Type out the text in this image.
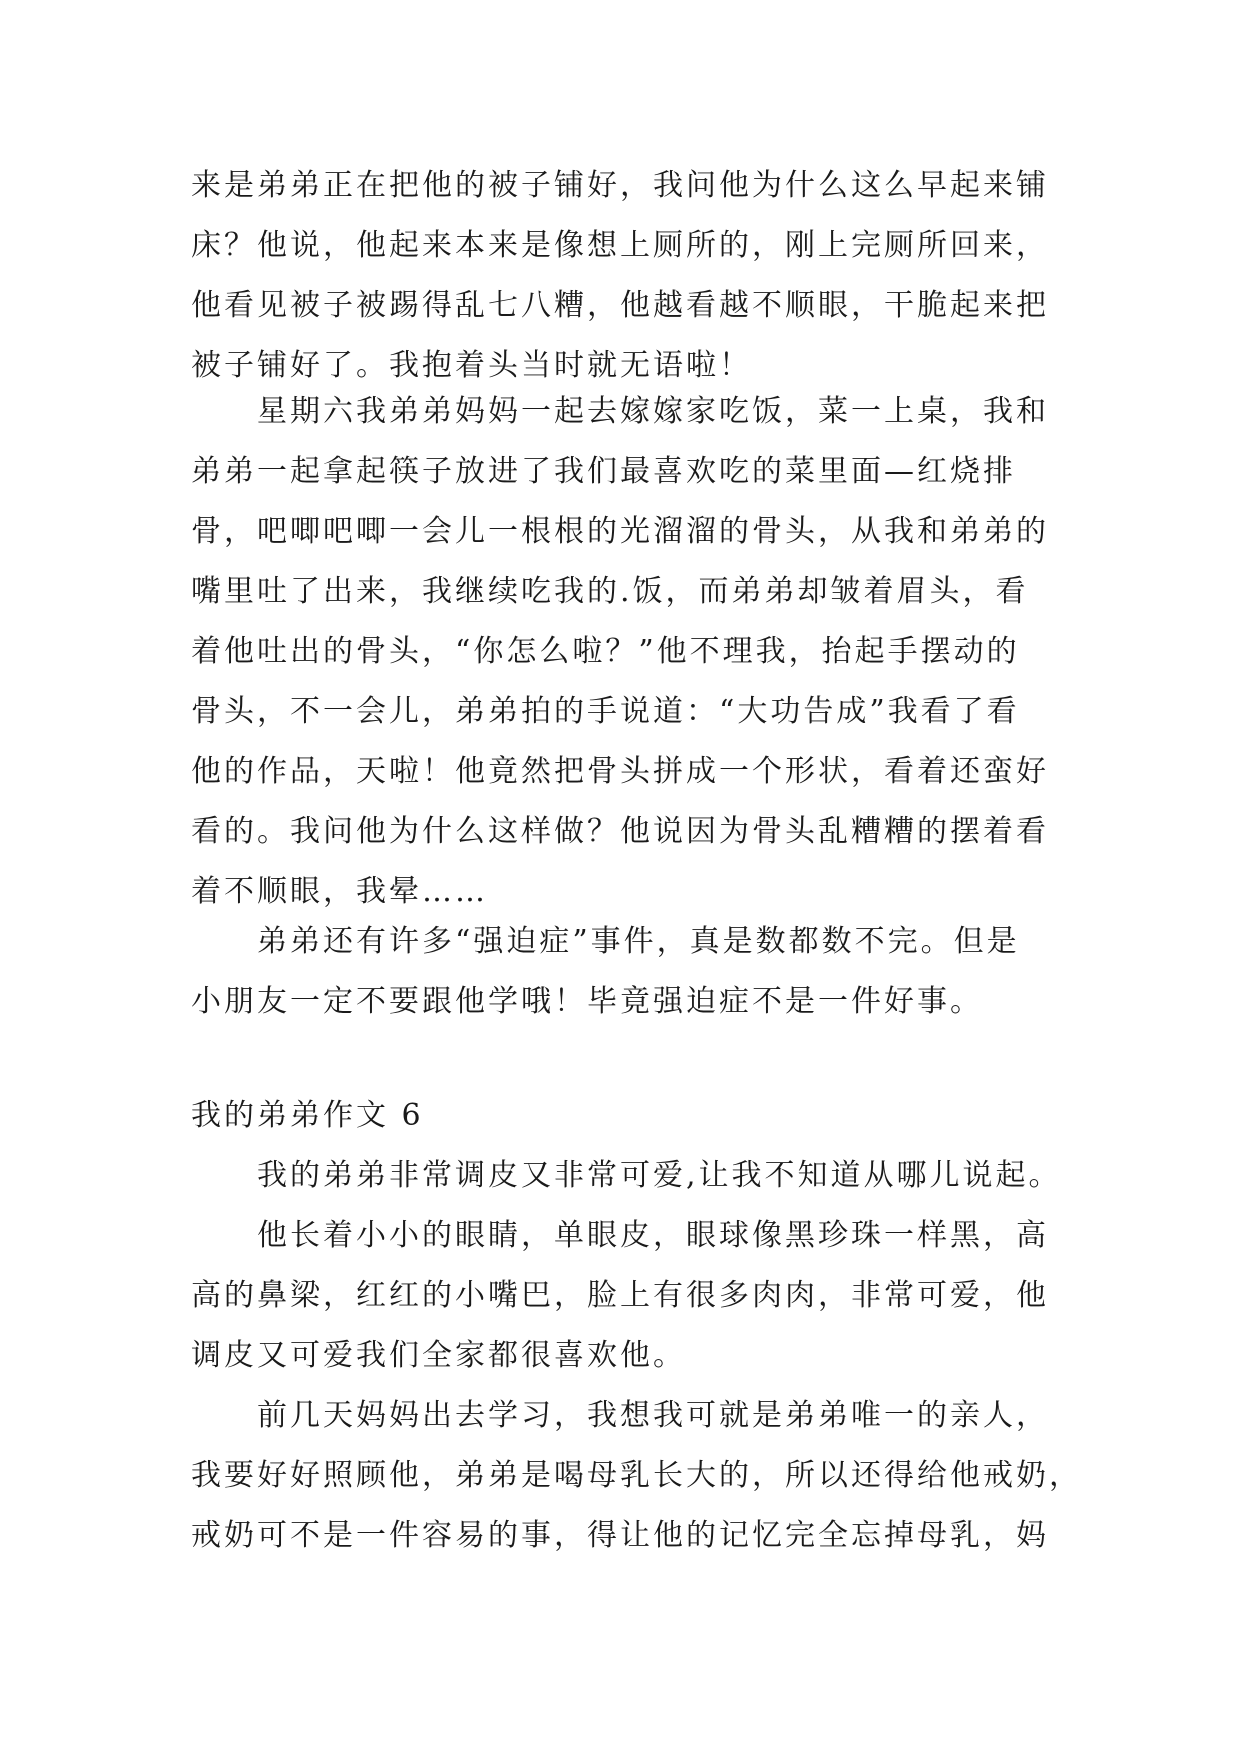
来是弟弟正在把他的被子铺好，我问他为什么这么早起来铺
床？他说，他起来本来是像想上厕所的，刚上完厕所回来，
他看见被子被踢得乱七八糟，他越看越不顺眼，干脆起来把
被子铺好了。我抱着头当时就无语啦！
星期六我弟弟妈妈一起去嫁嫁家吃饭，菜一上桌，我和
弟弟一起拿起筷子放进了我们最喜欢吃的菜里面—红烧排
骨，吧唧吧唧一会儿一根根的光溜溜的骨头，从我和弟弟的
嘴里吐了出来，我继续吃我的.饭，而弟弟却皱着眉头，看
着他吐出的骨头，“你怎么啦？”他不理我，抬起手摆动的
骨头，不一会儿，弟弟拍的手说道：“大功告成”我看了看
他的作品，天啦！他竟然把骨头拼成一个形状，看着还蛮好
看的。我问他为什么这样做？他说因为骨头乱糟糟的摆着看
着不顺眼，我晕……
弟弟还有许多“强迫症”事件，真是数都数不完。但是
小朋友一定不要跟他学哦！毕竟强迫症不是一件好事。
我的弟弟作文 6
我的弟弟非常调皮又非常可爱,让我不知道从哪儿说起。
他长着小小的眼睛，单眼皮，眼球像黑珍珠一样黑，高
高的鼻梁，红红的小嘴巴，脸上有很多肉肉，非常可爱，他
调皮又可爱我们全家都很喜欢他。
前几天妈妈出去学习，我想我可就是弟弟唯一的亲人，
我要好好照顾他，弟弟是喝母乳长大的，所以还得给他戒奶，
戒奶可不是一件容易的事，得让他的记忆完全忘掉母乳，妈
